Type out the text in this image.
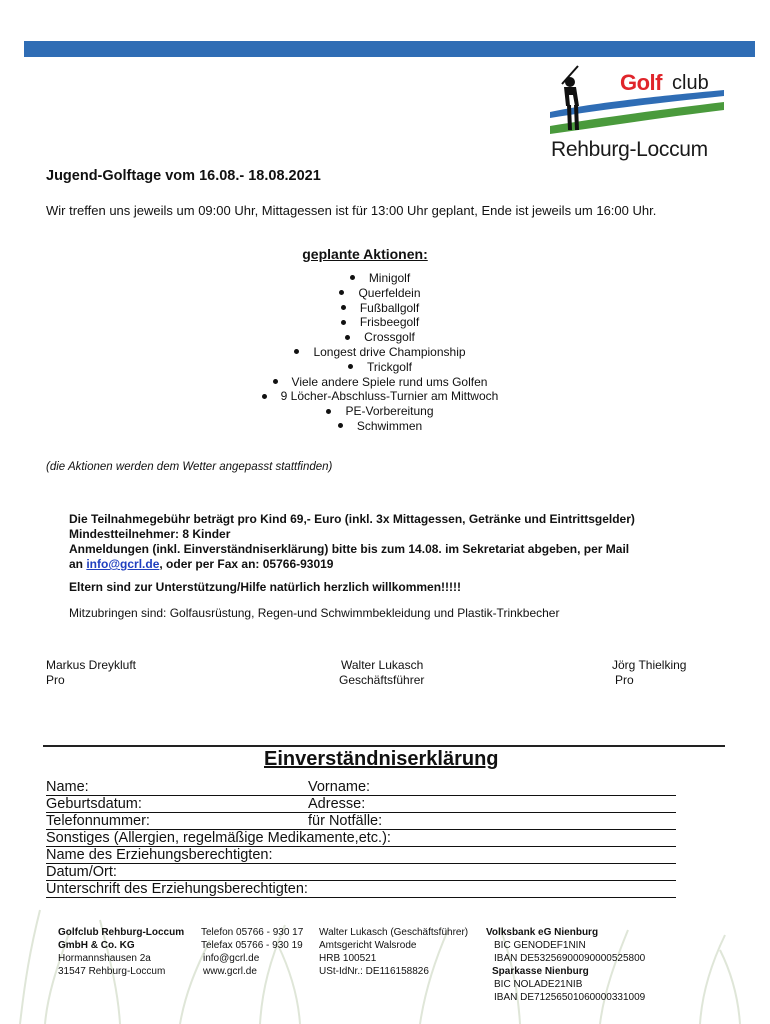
Golf club
Rehburg-Loccum
Jugend-Golftage vom 16.08.- 18.08.2021
Wir treffen uns jeweils um 09:00 Uhr, Mittagessen ist für 13:00 Uhr geplant, Ende ist jeweils um 16:00 Uhr.
geplante Aktionen:
Minigolf
Querfeldein
Fußballgolf
Frisbeegolf
Crossgolf
Longest drive Championship
Trickgolf
Viele andere Spiele rund ums Golfen
9 Löcher-Abschluss-Turnier am Mittwoch
PE-Vorbereitung
Schwimmen
(die Aktionen werden dem Wetter angepasst stattfinden)
Die Teilnahmegebühr beträgt pro Kind 69,- Euro (inkl. 3x Mittagessen, Getränke und Eintrittsgelder)
Mindestteilnehmer: 8 Kinder
Anmeldungen (inkl. Einverständniserklärung) bitte bis zum 14.08. im Sekretariat abgeben, per Mail
an info@gcrl.de, oder per Fax an: 05766-93019
Eltern sind zur Unterstützung/Hilfe natürlich herzlich willkommen!!!!!
Mitzubringen sind: Golfausrüstung, Regen-und Schwimmbekleidung und Plastik-Trinkbecher
Markus Dreykluft
Pro
Walter Lukasch
Geschäftsführer
Jörg Thielking
Pro
Einverständniserklärung
Name:	Vorname:
Geburtsdatum:	Adresse:
Telefonnummer:	für Notfälle:
Sonstiges (Allergien, regelmäßige Medikamente,etc.):
Name des Erziehungsberechtigten:
Datum/Ort:
Unterschrift des Erziehungsberechtigten:
Golfclub Rehburg-Loccum
GmbH & Co. KG
Hormannshausen 2a
31547 Rehburg-Loccum
Telefon 05766 - 930 17
Telefax 05766 - 930 19
info@gcrl.de
www.gcrl.de
Walter Lukasch (Geschäftsführer)
Amtsgericht Walsrode
HRB 100521
USt-IdNr.: DE116158826
Volksbank eG Nienburg
BIC GENODEF1NIN
IBAN DE53256900090000525800
Sparkasse Nienburg
BIC NOLADE21NIB
IBAN DE71256501060000331009
